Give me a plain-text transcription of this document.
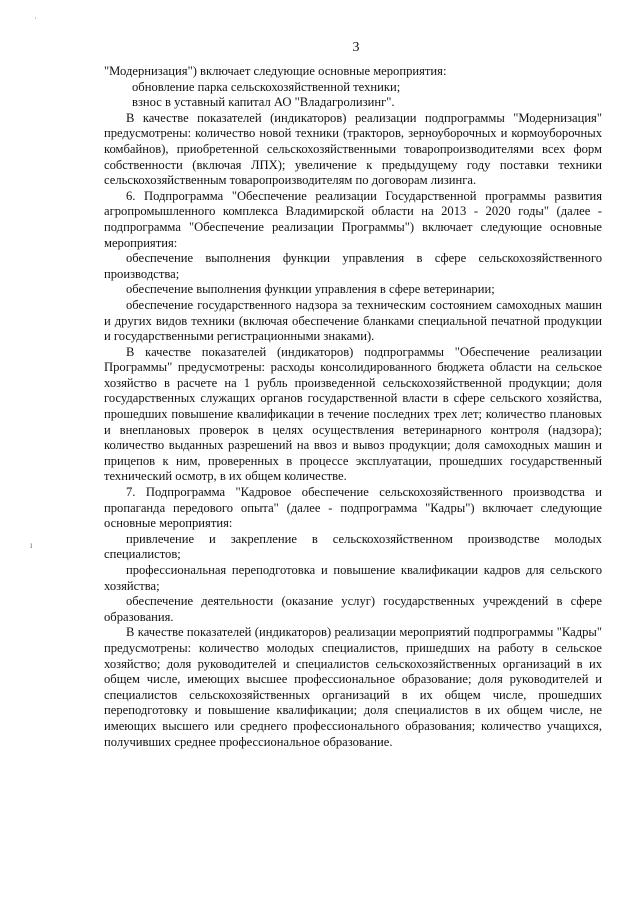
˙
ı
3

"Модернизация") включает следующие основные мероприятия:

обновление парка сельскохозяйственной техники;

взнос в уставный капитал АО "Владагролизинг".

В качестве показателей (индикаторов) реализации подпрограммы "Модернизация" предусмотрены: количество новой техники (тракторов, зерноуборочных и кормоуборочных комбайнов), приобретенной сельскохозяйственными товаропроизводителями всех форм собственности (включая ЛПХ); увеличение к предыдущему году поставки техники сельскохозяйственным товаропроизводителям по договорам лизинга.

6. Подпрограмма "Обеспечение реализации Государственной программы развития агропромышленного комплекса Владимирской области на 2013 - 2020 годы" (далее - подпрограмма "Обеспечение реализации Программы") включает следующие основные мероприятия:

обеспечение выполнения функции управления в сфере сельскохозяйственного производства;

обеспечение выполнения функции управления в сфере ветеринарии;

обеспечение государственного надзора за техническим состоянием самоходных машин и других видов техники (включая обеспечение бланками специальной печатной продукции и государственными регистрационными знаками).

В качестве показателей (индикаторов) подпрограммы "Обеспечение реализации Программы" предусмотрены: расходы консолидированного бюджета области на сельское хозяйство в расчете на 1 рубль произведенной сельскохозяйственной продукции; доля государственных служащих органов государственной власти в сфере сельского хозяйства, прошедших повышение квалификации в течение последних трех лет; количество плановых и внеплановых проверок в целях осуществления ветеринарного контроля (надзора); количество выданных разрешений на ввоз и вывоз продукции; доля самоходных машин и прицепов к ним, проверенных в процессе эксплуатации, прошедших государственный технический осмотр, в их общем количестве.

7. Подпрограмма "Кадровое обеспечение сельскохозяйственного производства и пропаганда передового опыта" (далее - подпрограмма "Кадры") включает следующие основные мероприятия:

привлечение и закрепление в сельскохозяйственном производстве молодых специалистов;

профессиональная переподготовка и повышение квалификации кадров для сельского хозяйства;

обеспечение деятельности (оказание услуг) государственных учреждений в сфере образования.

В качестве показателей (индикаторов) реализации мероприятий подпрограммы "Кадры" предусмотрены: количество молодых специалистов, пришедших на работу в сельское хозяйство; доля руководителей и специалистов сельскохозяйственных организаций в их общем числе, имеющих высшее профессиональное образование; доля руководителей и специалистов сельскохозяйственных организаций в их общем числе, прошедших переподготовку и повышение квалификации; доля специалистов в их общем числе, не имеющих высшего или среднего профессионального образования; количество учащихся, получивших среднее профессиональное образование.
